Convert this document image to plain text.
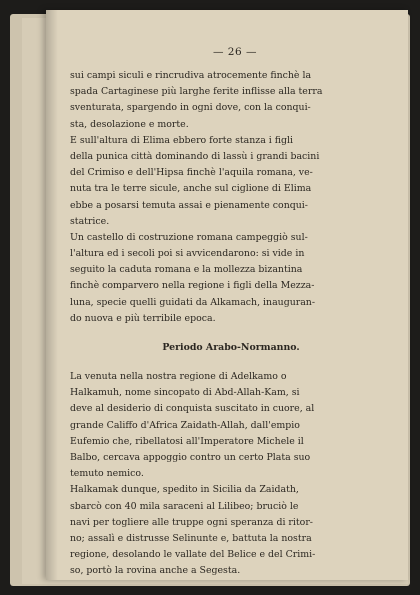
— 26 —

sui campi siculi e rincrudiva atrocemente finchè la

spada Cartaginese più larghe ferite inflisse alla terra

sventurata, spargendo in ogni dove, con la conqui-

sta, desolazione e morte.

E sull'altura di Elima ebbero forte stanza i figli

della punica città dominando di lassù i grandi bacini

del Crimiso e dell'Hipsa finchè l'aquila romana, ve-

nuta tra le terre sicule, anche sul ciglione di Elima

ebbe a posarsi temuta assai e pienamente conqui-

statrice.

Un castello di costruzione romana campeggiò sul-

l'altura ed i secoli poi si avvicendarono: si vide in

seguito la caduta romana e la mollezza bizantina

finchè comparvero nella regione i figli della Mezza-

luna, specie quelli guidati da Alkamach, inauguran-

do nuova e più terribile epoca.

Periodo Arabo-Normanno.

La venuta nella nostra regione di Adelkamo o

Halkamuh, nome sincopato di Abd-Allah-Kam, si

deve al desiderio di conquista suscitato in cuore, al

grande Califfo d'Africa Zaidath-Allah, dall'empio

Eufemio che, ribellatosi all'Imperatore Michele il

Balbo, cercava appoggio contro un certo Plata suo

temuto nemico.

Halkamak dunque, spedito in Sicilia da Zaidath,

sbarcò con 40 mila saraceni al Lilibeo; bruciò le

navi per togliere alle truppe ogni speranza di ritor-

no; assalì e distrusse Selinunte e, battuta la nostra

regione, desolando le vallate del Belice e del Crimi-

so, portò la rovina anche a Segesta.
